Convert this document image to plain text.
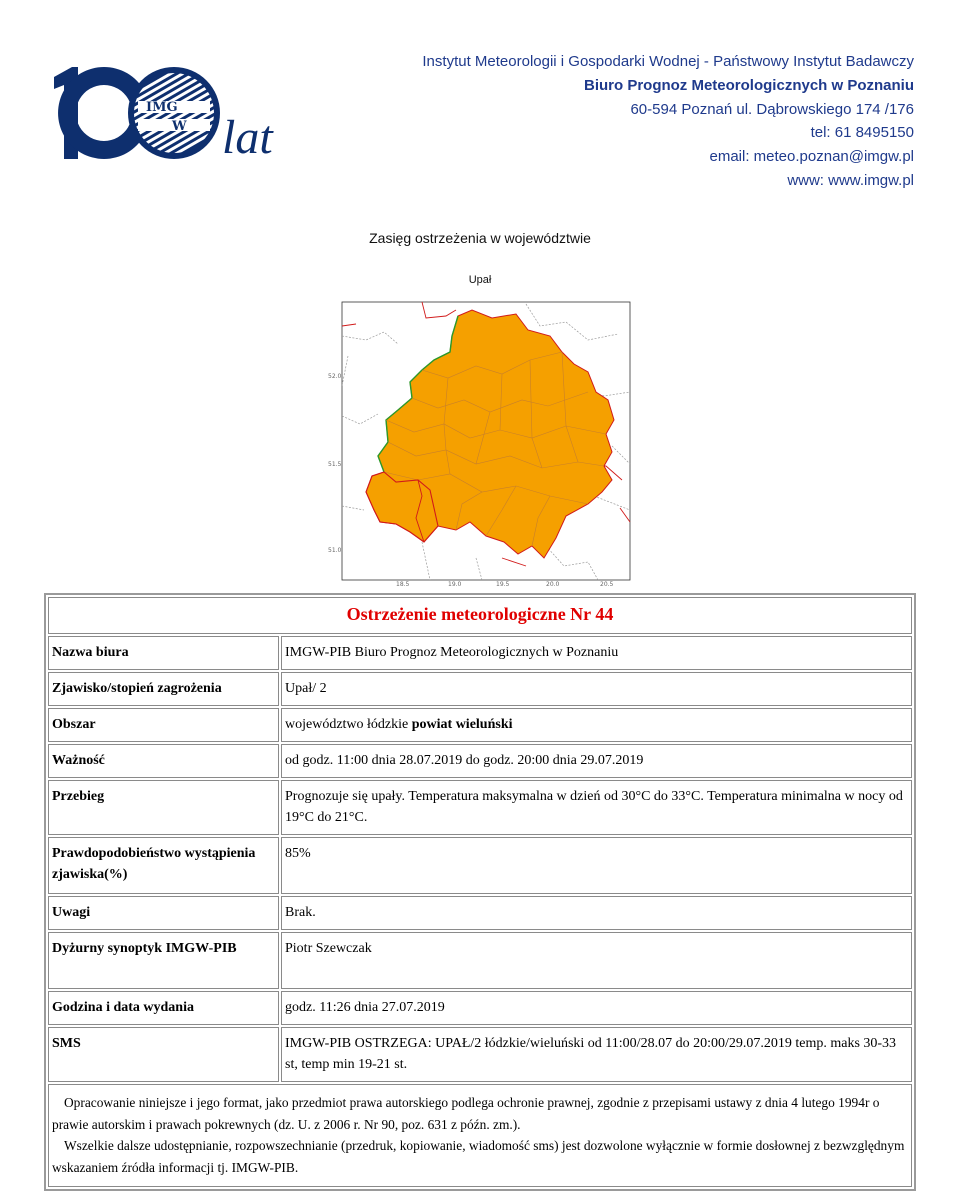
IMG
W lat
Instytut Meteorologii i Gospodarki Wodnej - Państwowy Instytut Badawczy
Biuro Prognoz Meteorologicznych w Poznaniu
60-594 Poznań ul. Dąbrowskiego 174 /176
tel: 61 8495150
email: meteo.poznan@imgw.pl
www: www.imgw.pl
Zasięg ostrzeżenia w województwie
Upał
52.0
51.5
51.0
18.5	19.0	19.5	20.0	20.5
Ostrzeżenie meteorologiczne Nr 44	
Nazwa biura	IMGW-PIB Biuro Prognoz Meteorologicznych w Poznaniu
Zjawisko/stopień zagrożenia	Upał/ 2
Obszar	województwo łódzkie powiat wieluński
Ważność	od godz. 11:00 dnia 28.07.2019 do godz. 20:00 dnia 29.07.2019
Przebieg	Prognozuje się upały. Temperatura maksymalna w dzień od 30°C do 33°C. Temperatura minimalna w nocy od 19°C do 21°C.
Prawdopodobieństwo wystąpienia zjawiska(%)	85%
Uwagi	Brak.
Dyżurny synoptyk IMGW-PIB	Piotr Szewczak
Godzina i data wydania	godz. 11:26 dnia 27.07.2019
SMS	IMGW-PIB OSTRZEGA: UPAŁ/2 łódzkie/wieluński od 11:00/28.07 do 20:00/29.07.2019 temp. maks 30-33 st, temp min 19-21 st.

Opracowanie niniejsze i jego format, jako przedmiot prawa autorskiego podlega ochronie prawnej, zgodnie z przepisami ustawy z dnia 4 lutego 1994r o prawie autorskim i prawach pokrewnych (dz. U. z 2006 r. Nr 90, poz. 631 z późn. zm.).

Wszelkie dalsze udostępnianie, rozpowszechnianie (przedruk, kopiowanie, wiadomość sms) jest dozwolone wyłącznie w formie dosłownej z bezwzględnym wskazaniem źródła informacji tj. IMGW-PIB.	
